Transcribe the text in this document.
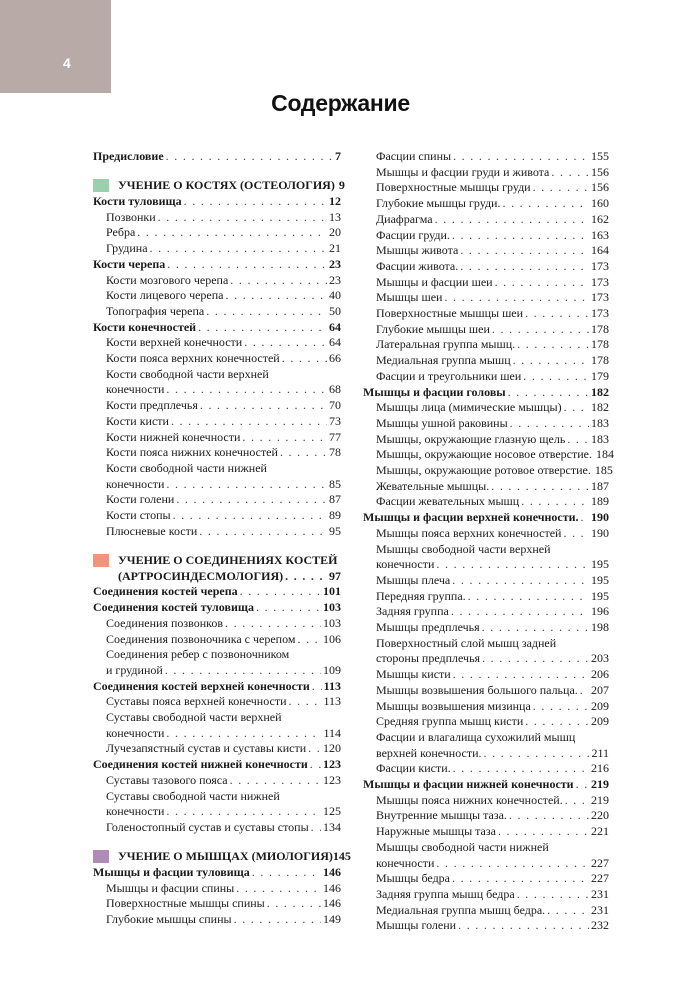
4
Содержание
Предисловие . . .	7
УЧЕНИЕ О КОСТЯХ (ОСТЕОЛОГИЯ) 9
Кости туловища . . .	12
Позвонки . . .	13
Ребра . . .	20
Грудина . . .	21
Кости черепа . . .	23
Кости мозгового черепа . . .	23
Кости лицевого черепа . . .	40
Топография черепа . . .	50
Кости конечностей . . .	64
Кости верхней конечности . . .	64
Кости пояса верхних конечностей . . .	66
Кости свободной части верхней
конечности . . .	68
Кости предплечья . . .	70
Кости кисти . . .	73
Кости нижней конечности . . .	77
Кости пояса нижних конечностей . . .	78
Кости свободной части нижней
конечности . . .	85
Кости голени . . .	87
Кости стопы . . .	89
Плюсневые кости . . .	95
УЧЕНИЕ О СОЕДИНЕНИЯХ КОСТЕЙ
(АРТРОСИНДЕСМОЛОГИЯ) . . .	97
Соединения костей черепа . . .	101
Соединения костей туловища . . .	103
Соединения позвонков . . .	103
Соединения позвоночника с черепом . . . 106
Соединения ребер с позвоночником
и грудиной . . .	109
Соединения костей верхней конечности . . . 113
Суставы пояса верхней конечности . . .	113
Суставы свободной части верхней
конечности . . .	114
Лучезапястный сустав и суставы кисти . . . 120
Соединения костей нижней конечности . . . 123
Суставы тазового пояса . . .	123
Суставы свободной части нижней
конечности . . .	125
Голеностопный сустав и суставы стопы . . . 134
УЧЕНИЕ О МЫШЦАХ (МИОЛОГИЯ) 145
Мышцы и фасции туловища . . .	146
Мышцы и фасции спины . . .	146
Поверхностные мышцы спины . . .	146
Глубокие мышцы спины . . .	149
Фасции спины . . .	155
Мышцы и фасции груди и живота . . .	156
Поверхностные мышцы груди . . .	156
Глубокие мышцы груди. . . .	160
Диафрагма . . .	162
Фасции груди. . . .	163
Мышцы живота . . .	164
Фасции живота. . . .	173
Мышцы и фасции шеи . . .	173
Мышцы шеи . . .	173
Поверхностные мышцы шеи . . .	173
Глубокие мышцы шеи . . .	178
Латеральная группа мышц. . . .	178
Медиальная группа мышц . . .	178
Фасции и треугольники шеи . . .	179
Мышцы и фасции головы . . .	182
Мышцы лица (мимические мышцы) . . . 182
Мышцы ушной раковины . . .	183
Мышцы, окружающие глазную щель . . . 183
Мышцы, окружающие носовое отверстие. 184
Мышцы, окружающие ротовое отверстие. 185
Жевательные мышцы. . . .	187
Фасции жевательных мышц . . .	189
Мышцы и фасции верхней конечности. . . . 190
Мышцы пояса верхних конечностей . . . 190
Мышцы свободной части верхней
конечности . . .	195
Мышцы плеча . . .	195
Передняя группа. . . .	195
Задняя группа . . .	196
Мышцы предплечья . . .	198
Поверхностный слой мышц задней
стороны предплечья . . .	203
Мышцы кисти . . .	206
Мышцы возвышения большого пальца. . . . 207
Мышцы возвышения мизинца . . .	209
Средняя группа мышц кисти . . .	209
Фасции и влагалища сухожилий мышц
верхней конечности. . . .	211
Фасции кисти. . . .	216
Мышцы и фасции нижней конечности . . . 219
Мышцы пояса нижних конечностей. . . . 219
Внутренние мышцы таза. . . .	220
Наружные мышцы таза . . .	221
Мышцы свободной части нижней
конечности . . .	227
Мышцы бедра . . .	227
Задняя группа мышц бедра . . .	231
Медиальная группа мышц бедра. . . .	231
Мышцы голени . . .	232
